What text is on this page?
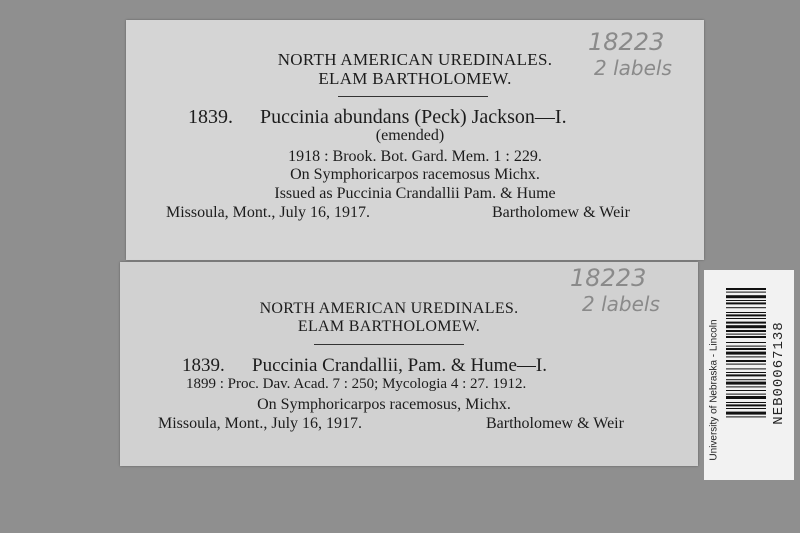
NORTH AMERICAN UREDINALES.
ELAM BARTHOLOMEW.
18223
2 labels
1839. Puccinia abundans (Peck) Jackson—I.
(emended)
1918 : Brook. Bot. Gard. Mem. 1 : 229.
On Symphoricarpos racemosus Michx.
Issued as Puccinia Crandallii Pam. & Hume
Missoula, Mont., July 16, 1917.	Bartholomew & Weir
NORTH AMERICAN UREDINALES.
ELAM BARTHOLOMEW.
18223
2 labels
1839. Puccinia Crandallii, Pam. & Hume—I.
1899 : Proc. Dav. Acad. 7 : 250; Mycologia 4 : 27. 1912.
On Symphoricarpos racemosus, Michx.
Missoula, Mont., July 16, 1917.	Bartholomew & Weir	University of Nebraska - Lincoln	NEB00067138
